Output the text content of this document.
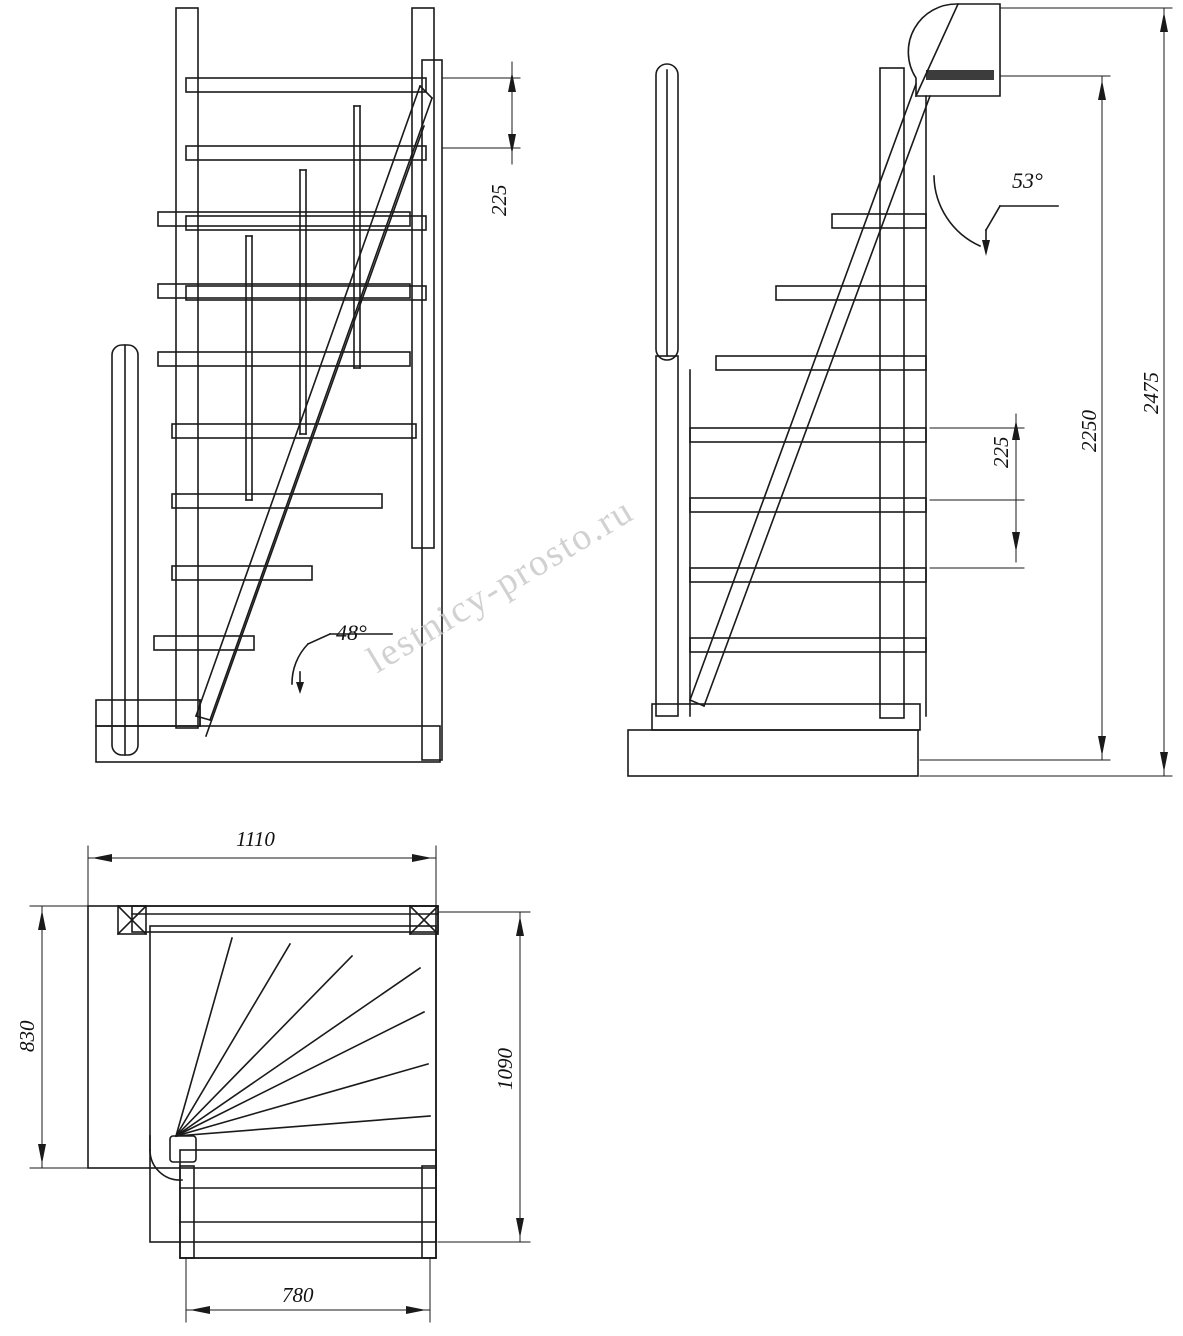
225
48°
53°
225
2250
2475
1110
830
1090
780
lestnicy-prosto.ru
